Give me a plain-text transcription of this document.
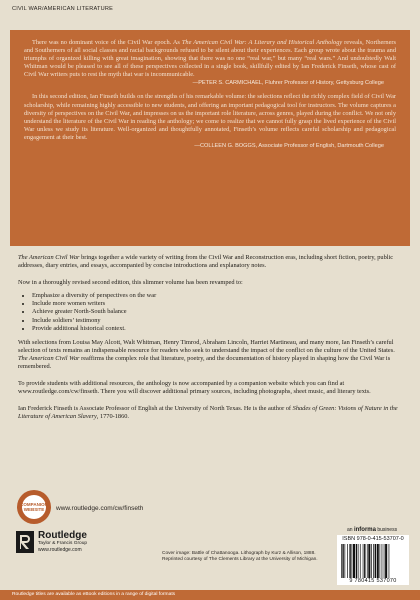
CIVIL WAR/AMERICAN LITERATURE

There was no dominant voice of the Civil War epoch. As The American Civil War: A Literary and Historical Anthology reveals, Northerners and Southerners of all social classes and racial backgrounds refused to be silent about their experiences. Each group wrote about the trauma and triumphs of organized killing with great imagination, showing that there was no one “real war,” but many “real wars.” And undoubtedly Walt Whitman would be pleased to see all of these perspectives collected in a single book, skillfully edited by Ian Frederick Finseth, whose cast of Civil War writers puts to rest the myth that war is incommunicable.

—PETER S. CARMICHAEL, Fluhrer Professor of History, Gettysburg College

In this second edition, Ian Finseth builds on the strengths of his remarkable volume: the selections reflect the richly complex field of Civil War scholarship, while remaining highly accessible to new students, and offering an important pedagogical tool for instructors. The volume captures a diversity of perspectives on the Civil War, and impresses on us the important role literature, across genres, played during the conflict. We not only understand the literature of the Civil War in reading the anthology; we come to realize that we cannot fully grasp the lived experience of the Civil War unless we study its literature. Well-organized and thoughtfully annotated, Finseth’s volume reflects careful scholarship and pedagogical engagement at their best.

—COLLEEN G. BOGGS, Associate Professor of English, Dartmouth College

The American Civil War brings together a wide variety of writing from the Civil War and Reconstruction eras, including short fiction, poetry, public addresses, diary entries, and essays, accompanied by concise introductions and explanatory notes.

Now in a thoroughly revised second edition, this slimmer volume has been revamped to:

• Emphasize a diversity of perspectives on the war
• Include more women writers
• Achieve greater North-South balance
• Include soldiers’ testimony
• Provide additional historical context.

With selections from Louisa May Alcott, Walt Whitman, Henry Timrod, Abraham Lincoln, Harriet Martineau, and many more, Ian Finseth’s careful selection of texts remains an indispensable resource for readers who seek to understand the impact of the conflict on the culture of the United States. The American Civil War reaffirms the complex role that literature, poetry, and the documentation of history played in shaping how the Civil War is remembered.

To provide students with additional resources, the anthology is now accompanied by a companion website which you can find at www.routledge.com/cw/finseth. There you will discover additional primary sources, including photographs, sheet music, and literary texts.

Ian Frederick Finseth is Associate Professor of English at the University of North Texas. He is the author of Shades of Green: Visions of Nature in the Literature of American Slavery, 1770-1860.

COMPANION WEBSITE	www.routledge.com/cw/finseth
Routledge
Taylor & Francis Group
www.routledge.com
Cover image: Battle of Chattanooga. Lithograph by Kurz & Allison, 1888. Reprinted courtesy of The Clements Library at the University of Michigan.
an informa business
ISBN 978-0-415-53707-0
9 780415 537070
Routledge titles are available as eBook editions in a range of digital formats
